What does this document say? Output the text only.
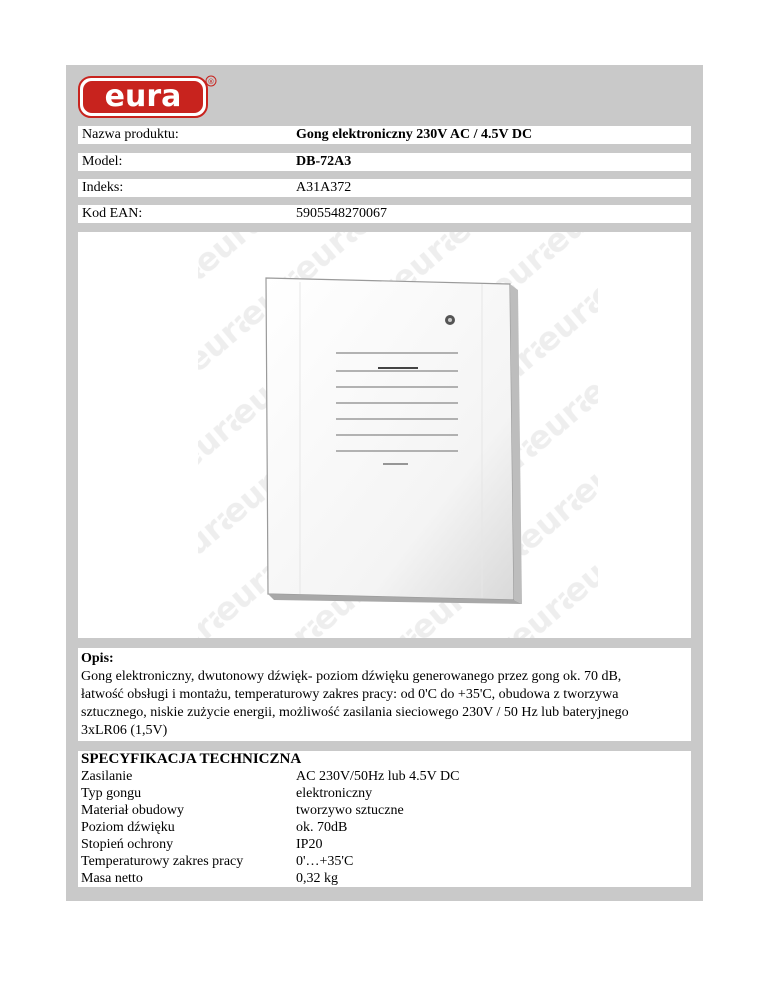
eura	®
Nazwa produktu:	Gong elektroniczny 230V AC / 4.5V DC
Model:	DB-72A3
Indeks:	A31A372
Kod EAN:	5905548270067
Opis:
Gong elektroniczny, dwutonowy dźwięk- poziom dźwięku generowanego przez gong ok. 70 dB,
łatwość obsługi i montażu, temperaturowy zakres pracy: od 0'C do +35'C, obudowa z tworzywa
sztucznego, niskie zużycie energii, możliwość zasilania sieciowego 230V / 50 Hz lub bateryjnego
3xLR06 (1,5V)
SPECYFIKACJA TECHNICZNA
Zasilanie	AC 230V/50Hz lub 4.5V DC
Typ gongu	elektroniczny
Materiał obudowy	tworzywo sztuczne
Poziom dźwięku	ok. 70dB
Stopień ochrony	IP20
Temperaturowy zakres pracy	0'…+35'C
Masa netto	0,32 kg
